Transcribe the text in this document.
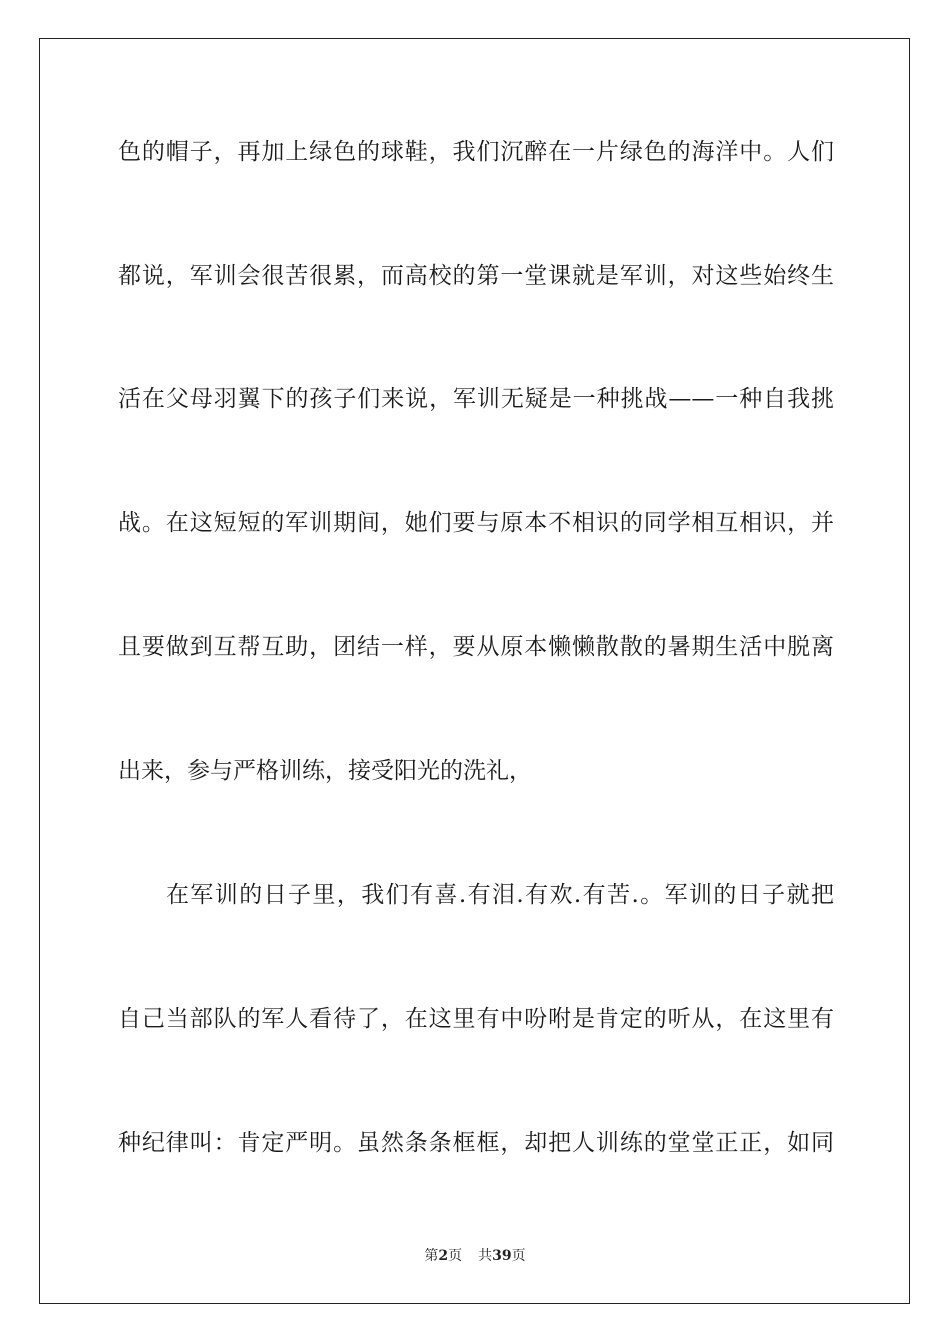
色的帽子，再加上绿色的球鞋，我们沉醉在一片绿色的海洋中。人们
都说，军训会很苦很累，而高校的第一堂课就是军训，对这些始终生
活在父母羽翼下的孩子们来说，军训无疑是一种挑战——一种自我挑
战。在这短短的军训期间，她们要与原本不相识的同学相互相识，并
且要做到互帮互助，团结一样，要从原本懒懒散散的暑期生活中脱离
出来，参与严格训练，接受阳光的洗礼，
在军训的日子里，我们有喜.有泪.有欢.有苦.。军训的日子就把
自己当部队的军人看待了，在这里有中吩咐是肯定的听从，在这里有
种纪律叫：肯定严明。虽然条条框框，却把人训练的堂堂正正，如同
第2页 共39页
